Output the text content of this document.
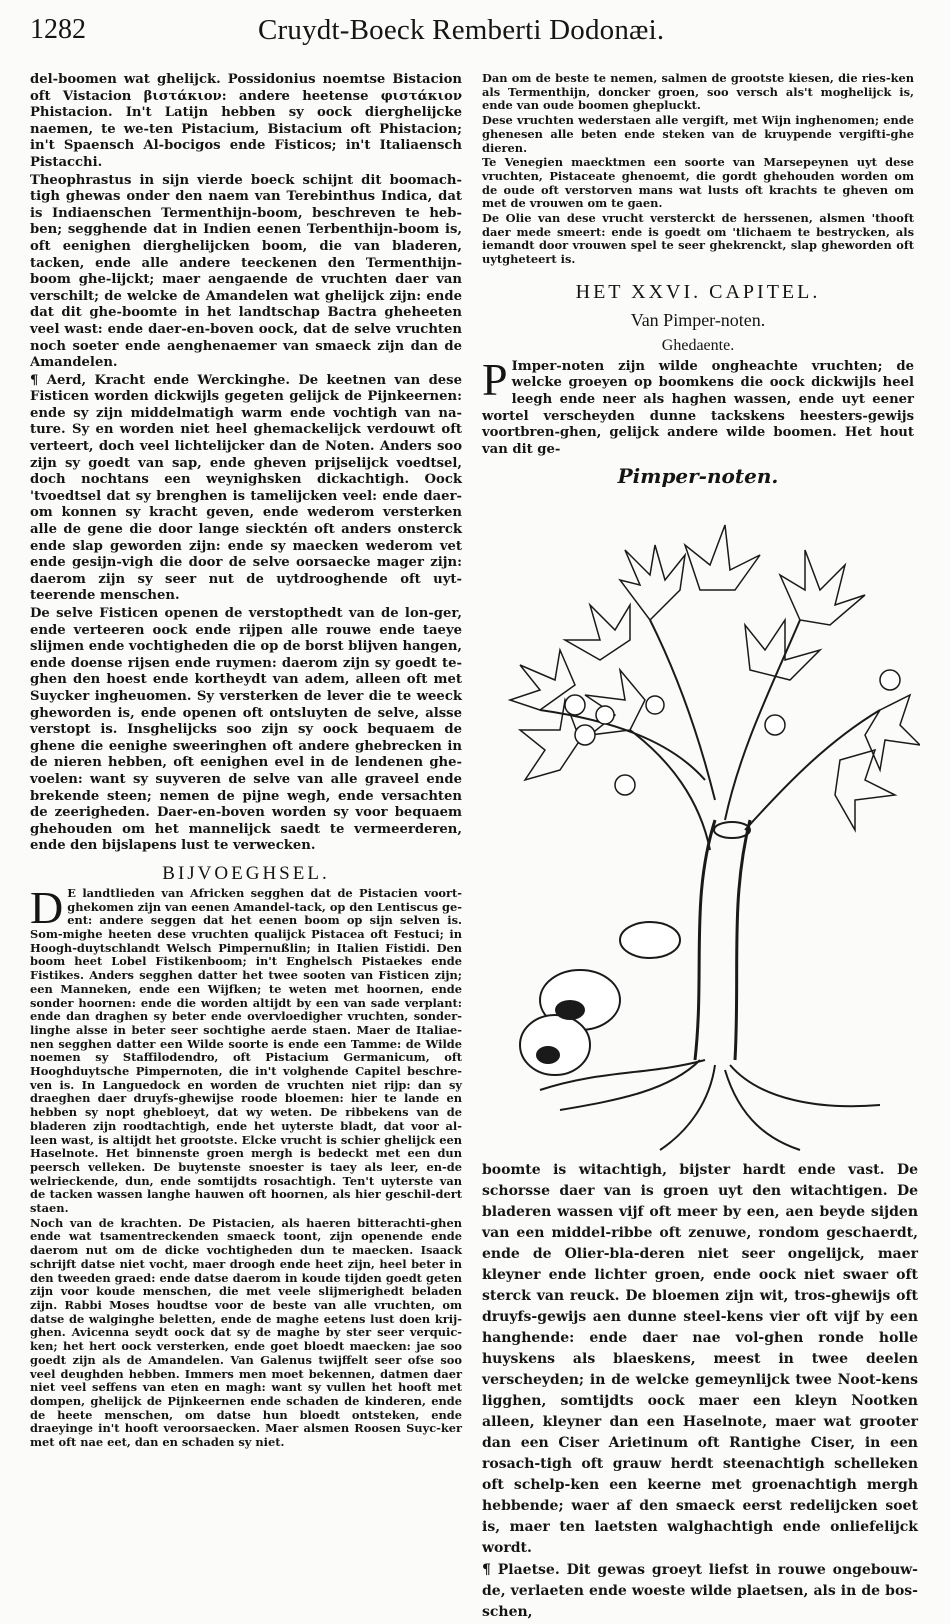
1282	Cruydt-Boeck Remberti Dodonæi.

del-boomen wat ghelijck. Possidonius noemtse Bistacion oft Vistacion βιστάκιον: andere heetense φιστάκιον Phistacion. In't Latijn hebben sy oock dierghelijcke naemen, te we-ten Pistacium, Bistacium oft Phistacion; in't Spaensch Al-bocigos ende Fisticos; in't Italiaensch Pistacchi.

Theophrastus in sijn vierde boeck schijnt dit boomach-tigh ghewas onder den naem van Terebinthus Indica, dat is Indiaenschen Termenthijn-boom, beschreven te heb-ben; segghende dat in Indien eenen Terbenthijn-boom is, oft eenighen dierghelijcken boom, die van bladeren, tacken, ende alle andere teeckenen den Termenthijn-boom ghe-lijckt; maer aengaende de vruchten daer van verschilt; de welcke de Amandelen wat ghelijck zijn: ende dat dit ghe-boomte in het landtschap Bactra gheheeten veel wast: ende daer-en-boven oock, dat de selve vruchten noch soeter ende aenghenaemer van smaeck zijn dan de Amandelen.

¶ Aerd, Kracht ende Werckinghe. De keetnen van dese Fisticen worden dickwijls gegeten gelijck de Pijnkeernen: ende sy zijn middelmatigh warm ende vochtigh van na-ture. Sy en worden niet heel ghemackelijck verdouwt oft verteert, doch veel lichtelijcker dan de Noten. Anders soo zijn sy goedt van sap, ende gheven prijselijck voedtsel, doch nochtans een weynighsken dickachtigh. Oock 'tvoedtsel dat sy brenghen is tamelijcken veel: ende daer-om konnen sy kracht geven, ende wederom versterken alle de gene die door lange siecktén oft anders onsterck ende slap geworden zijn: ende sy maecken wederom vet ende gesijn-vigh die door de selve oorsaecke mager zijn: daerom zijn sy seer nut de uytdrooghende oft uyt-teerende menschen.

De selve Fisticen openen de verstopthedt van de lon-ger, ende verteeren oock ende rijpen alle rouwe ende taeye slijmen ende vochtigheden die op de borst blijven hangen, ende doense rijsen ende ruymen: daerom zijn sy goedt te-ghen den hoest ende kortheydt van adem, alleen oft met Suycker ingheuomen. Sy versterken de lever die te weeck gheworden is, ende openen oft ontsluyten de selve, alsse verstopt is. Insghelijcks soo zijn sy oock bequaem de ghene die eenighe sweeringhen oft andere ghebrecken in de nieren hebben, oft eenighen evel in de lendenen ghe-voelen: want sy suyveren de selve van alle graveel ende brekende steen; nemen de pijne wegh, ende versachten de zeerigheden. Daer-en-boven worden sy voor bequaem ghehouden om het mannelijck saedt te vermeerderen, ende den bijslapens lust te verwecken.

BIJVOEGHSEL.

D E landtlieden van Africken segghen dat de Pistacien voort-ghekomen zijn van eenen Amandel-tack, op den Lentiscus ge-ent: andere seggen dat het eenen boom op sijn selven is. Som-mighe heeten dese vruchten qualijck Pistacea oft Festuci; in Hoogh-duytschlandt Welsch Pimpernußlin; in Italien Fistidi. Den boom heet Lobel Fistikenboom; in't Enghelsch Pistaekes ende Fistikes. Anders segghen datter het twee sooten van Fisticen zijn; een Manneken, ende een Wijfken; te weten met hoornen, ende sonder hoornen: ende die worden altijdt by een van sade verplant: ende dan draghen sy beter ende overvloedigher vruchten, sonder-linghe alsse in beter seer sochtighe aerde staen. Maer de Italiae-nen segghen datter een Wilde soorte is ende een Tamme: de Wilde noemen sy Staffilodendro, oft Pistacium Germanicum, oft Hooghduytsche Pimpernoten, die in't volghende Capitel beschre-ven is. In Languedock en worden de vruchten niet rijp: dan sy draeghen daer druyfs-ghewijse roode bloemen: hier te lande en hebben sy nopt ghebloeyt, dat wy weten. De ribbekens van de bladeren zijn roodtachtigh, ende het uyterste bladt, dat voor al-leen wast, is altijdt het grootste. Elcke vrucht is schier ghelijck een Haselnote. Het binnenste groen mergh is bedeckt met een dun peersch velleken. De buytenste snoester is taey als leer, en-de welrieckende, dun, ende somtijdts rosachtigh. Ten't uyterste van de tacken wassen langhe hauwen oft hoornen, als hier geschil-dert staen.

Noch van de krachten. De Pistacien, als haeren bitterachti-ghen ende wat tsamentreckenden smaeck toont, zijn openende ende daerom nut om de dicke vochtigheden dun te maecken. Isaack schrijft datse niet vocht, maer droogh ende heet zijn, heel beter in den tweeden graed: ende datse daerom in koude tijden goedt geten zijn voor koude menschen, die met veele slijmerighedt beladen zijn. Rabbi Moses houdtse voor de beste van alle vruchten, om datse de walginghe beletten, ende de maghe eetens lust doen krij-ghen. Avicenna seydt oock dat sy de maghe by ster seer verquic-ken; het hert oock versterken, ende goet bloedt maecken: jae soo goedt zijn als de Amandelen. Van Galenus twijffelt seer ofse soo veel deughden hebben. Immers men moet bekennen, datmen daer niet veel seffens van eten en magh: want sy vullen het hooft met dompen, ghelijck de Pijnkeernen ende schaden de kinderen, ende de heete menschen, om datse hun bloedt ontsteken, ende draeyinge in't hooft veroorsaecken. Maer alsmen Roosen Suyc-ker met oft nae eet, dan en schaden sy niet.

Dan om de beste te nemen, salmen de grootste kiesen, die ries-ken als Termenthijn, doncker groen, soo versch als't moghelijck is, ende van oude boomen ghepluckt.

Dese vruchten wederstaen alle vergift, met Wijn inghenomen; ende ghenesen alle beten ende steken van de kruypende vergifti-ghe dieren.

Te Venegien maecktmen een soorte van Marsepeynen uyt dese vruchten, Pistaceate ghenoemt, die gordt ghehouden worden om de oude oft verstorven mans wat lusts oft krachts te gheven om met de vrouwen om te gaen.

De Olie van dese vrucht versterckt de herssenen, alsmen 'thooft daer mede smeert: ende is goedt om 'tlichaem te bestrycken, als iemandt door vrouwen spel te seer ghekrenckt, slap gheworden oft uytgheteert is.

HET XXVI. CAPITEL.
Van Pimper-noten.
Ghedaente.

P Imper-noten zijn wilde ongheachte vruchten; de welcke groeyen op boomkens die oock dickwijls heel leegh ende neer als haghen wassen, ende uyt eener wortel verscheyden dunne tackskens heesters-gewijs voortbren-ghen, gelijck andere wilde boomen. Het hout van dit ge-

Pimper-noten.

boomte is witachtigh, bijster hardt ende vast. De schorsse daer van is groen uyt den witachtigen. De bladeren wassen vijf oft meer by een, aen beyde sijden van een middel-ribbe oft zenuwe, rondom geschaerdt, ende de Olier-bla-deren niet seer ongelijck, maer kleyner ende lichter groen, ende oock niet swaer oft sterck van reuck. De bloemen zijn wit, tros-ghewijs oft druyfs-gewijs aen dunne steel-kens vier oft vijf by een hanghende: ende daer nae vol-ghen ronde holle huyskens als blaeskens, meest in twee deelen verscheyden; in de welcke gemeynlijck twee Noot-kens ligghen, somtijdts oock maer een kleyn Nootken alleen, kleyner dan een Haselnote, maer wat grooter dan een Ciser Arietinum oft Rantighe Ciser, in een rosach-tigh oft grauw herdt steenachtigh schelleken oft schelp-ken een keerne met groenachtigh mergh hebbende; waer af den smaeck eerst redelijcken soet is, maer ten laetsten walghachtigh ende onliefelijck wordt.

¶ Plaetse. Dit gewas groeyt liefst in rouwe ongebouw-de, verlaeten ende woeste wilde plaetsen, als in de bos-schen,
